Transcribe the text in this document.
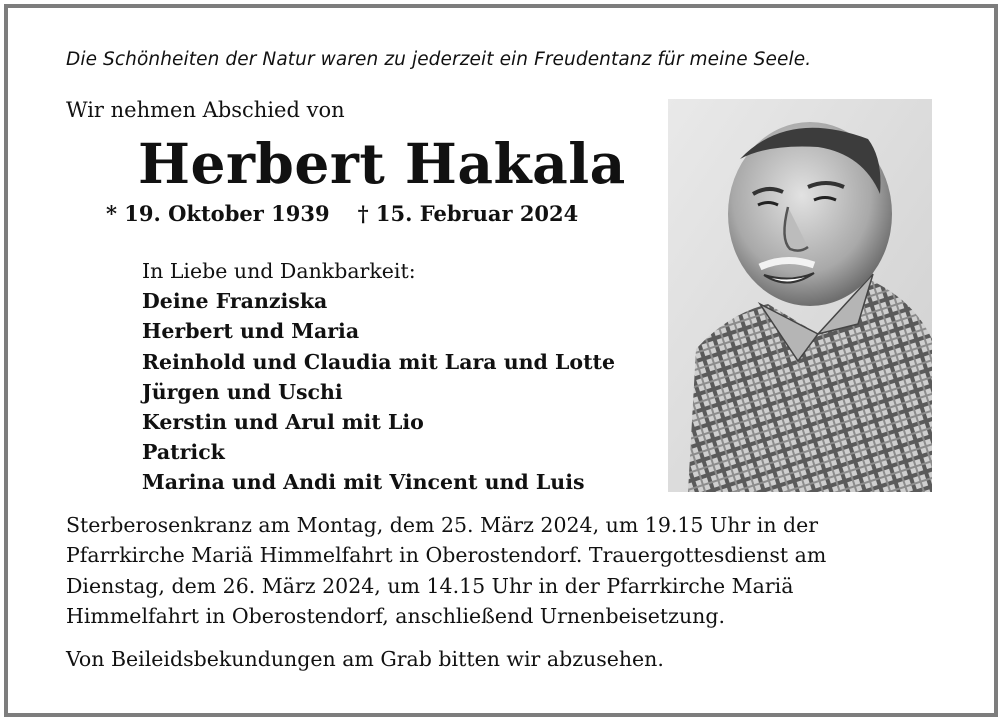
Die Schönheiten der Natur waren zu jederzeit ein Freudentanz für meine Seele.
Wir nehmen Abschied von
Herbert Hakala
* 19. Oktober 1939 † 15. Februar 2024
In Liebe und Dankbarkeit:
Deine Franziska
Herbert und Maria
Reinhold und Claudia mit Lara und Lotte
Jürgen und Uschi
Kerstin und Arul mit Lio
Patrick
Marina und Andi mit Vincent und Luis
Sterberosenkranz am Montag, dem 25. März 2024, um 19.15 Uhr in der
Pfarrkirche Mariä Himmelfahrt in Oberostendorf. Trauergottesdienst am
Dienstag, dem 26. März 2024, um 14.15 Uhr in der Pfarrkirche Mariä
Himmelfahrt in Oberostendorf, anschließend Urnenbeisetzung.
Von Beileidsbekundungen am Grab bitten wir abzusehen.
